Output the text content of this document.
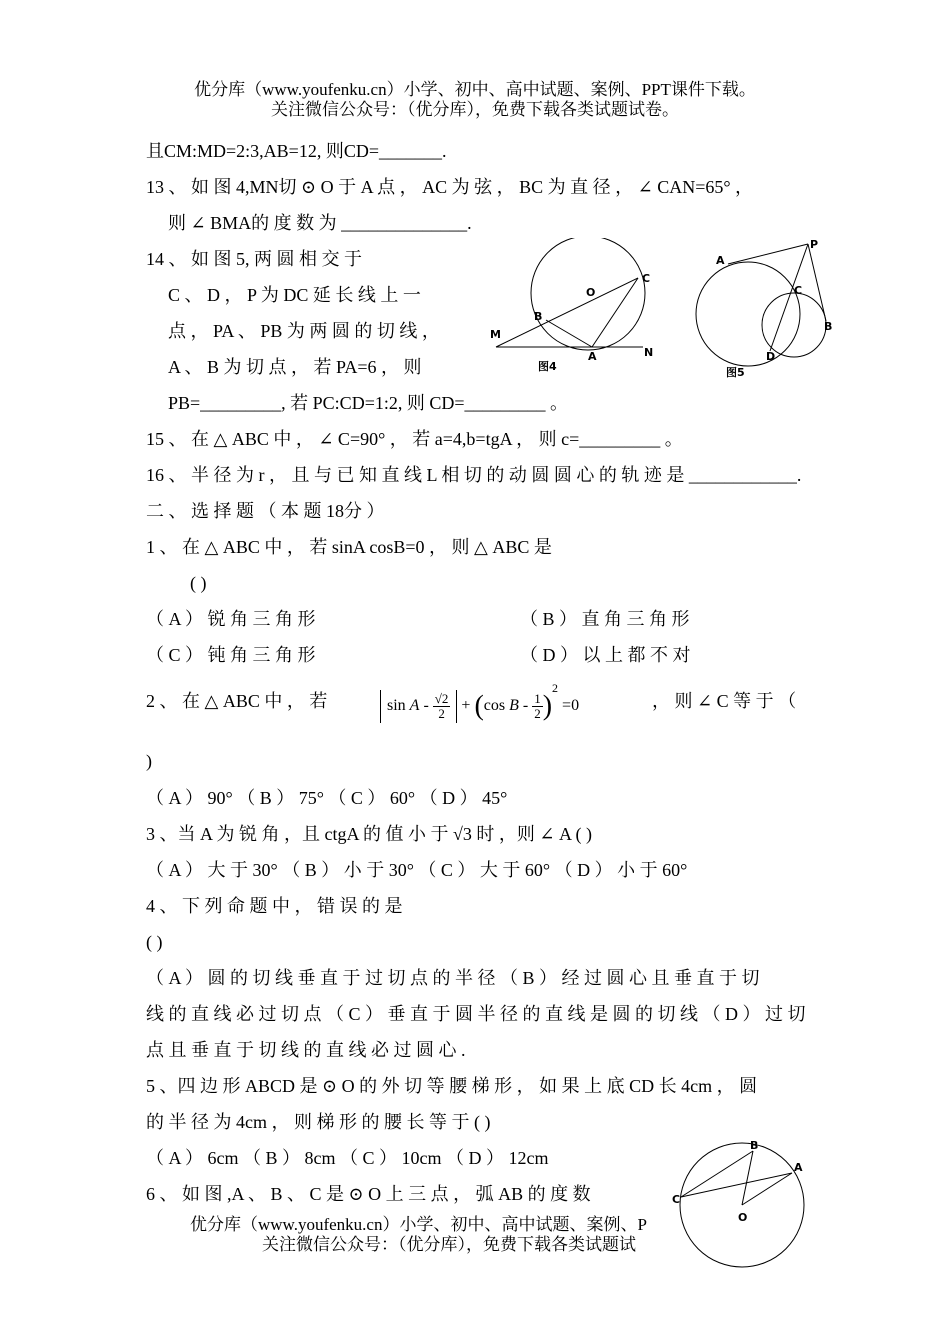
优分库（www.youfenku.cn）小学、初中、高中试题、案例、PPT课件下载。
关注微信公众号：（优分库），免费下载各类试题试卷。
且CM:MD=2:3,AB=12, 则CD=_______.
13 、 如 图 4,MN切 ⊙ O 于 A 点 ， AC 为 弦 ， BC 为 直 径 ， ∠ CAN=65° ，
则 ∠ BMA的 度 数 为 ______________.
14 、 如 图 5, 两 圆 相 交 于
C 、 D ， P 为 DC 延 长 线 上 一
点 ， PA 、 PB 为 两 圆 的 切 线 ，
A 、 B 为 切 点 ， 若 PA=6 ， 则
PB=_________, 若 PC:CD=1:2, 则 CD=_________ 。
15 、 在 △ ABC 中 ， ∠ C=90° ， 若 a=4,b=tgA ， 则 c=_________ 。
16 、 半 径 为 r ， 且 与 已 知 直 线 L 相 切 的 动 圆 圆 心 的 轨 迹 是 ____________.
二 、 选 择 题 （ 本 题 18分 ）
1 、 在 △ ABC 中 ， 若 sinA cosB=0 ， 则 △ ABC 是
( )
（ A ） 锐 角 三 角 形	（ B ） 直 角 三 角 形
（ C ） 钝 角 三 角 形	（ D ） 以 上 都 不 对
2 、 在 △ ABC 中 ， 若	$\sin A - \frac{√2}{2} + (\cos$ $B - \frac{1}{2} )^2 =0$	， 则 ∠ C 等 于 （
)
（ A ） 90° （ B ） 75° （ C ） 60° （ D ） 45°
3 、当 A 为 锐 角 ，且 ctgA 的 值 小 于 √3 时 ，则 ∠ A ( )
（ A ） 大 于 30° （ B ） 小 于 30° （ C ） 大 于 60° （ D ） 小 于 60°
4 、 下 列 命 题 中 ， 错 误 的 是
( )
（ A ） 圆 的 切 线 垂 直 于 过 切 点 的 半 径 （ B ） 经 过 圆 心 且 垂 直 于 切
线 的 直 线 必 过 切 点 （ C ） 垂 直 于 圆 半 径 的 直 线 是 圆 的 切 线 （ D ） 过 切
点 且 垂 直 于 切 线 的 直 线 必 过 圆 心 .
5 、四 边 形 ABCD 是 ⊙ O 的 外 切 等 腰 梯 形 ， 如 果 上 底 CD 长 4cm ， 圆
的 半 径 为 4cm ， 则 梯 形 的 腰 长 等 于 ( )
（ A ） 6cm （ B ） 8cm （ C ） 10cm （ D ） 12cm
6 、 如 图 ,A 、 B 、 C 是 ⊙ O 上 三 点 ， 弧 AB 的 度 数
优分库（www.youfenku.cn）小学、初中、高中试题、案例、P
关注微信公众号：（优分库），免费下载各类试题试
O
C
B
M
A	N
图4
A
P
C
B
D
图5
B
A
C
O
